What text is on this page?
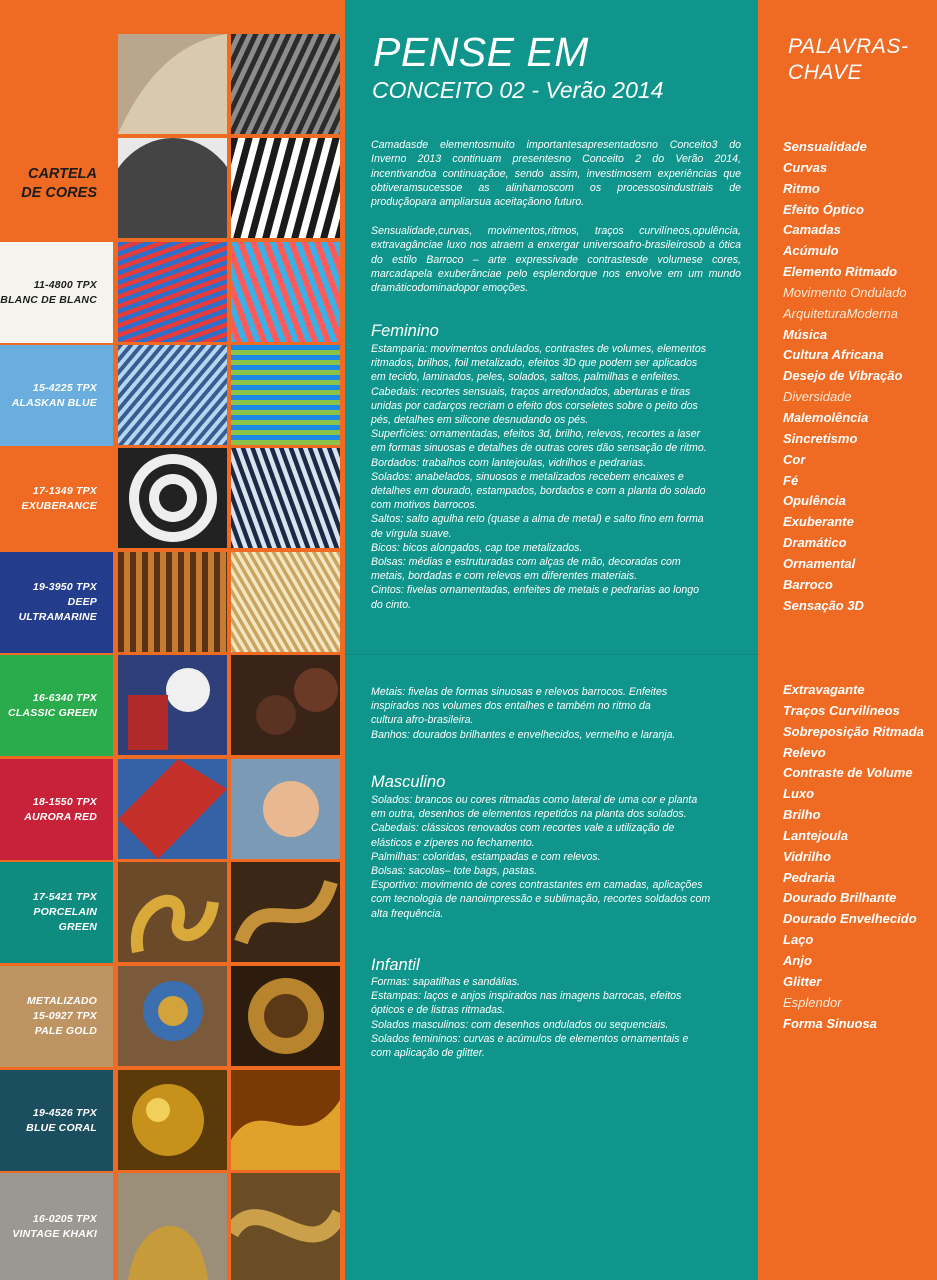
CARTELA
DE CORES
11-4800 TPX
BLANC DE BLANC
15-4225 TPX
ALASKAN BLUE
17-1349 TPX
EXUBERANCE
19-3950 TPX
DEEP ULTRAMARINE
16-6340 TPX
CLASSIC GREEN
18-1550 TPX
AURORA RED
17-5421 TPX
PORCELAIN GREEN
METALIZADO
15-0927 TPX
PALE GOLD
19-4526 TPX
BLUE CORAL
16-0205 TPX
VINTAGE KHAKI
PENSE EM
CONCEITO 02 - Verão 2014
Camadasde elementosmuito importantesapresentadosno Conceito3 do Inverno 2013 continuam presentesno Conceito 2 do Verão 2014, incentivandoa continuaçãoe, sendo assim, investimosem experiências que obtiveramsucessoe as alinhamoscom os processosindustriais de produçãopara ampliarsua aceitaçãono futuro.
Sensualidade,curvas, movimentos,ritmos, traços curvilíneos,opulência, extravagânciae luxo nos atraem a enxergar universoafro-brasileirosob a ótica do estilo Barroco – arte expressivade contrastesde volumese cores, marcadapela exuberânciae pelo esplendorque nos envolve em um mundo dramáticodominadopor emoções.
Feminino
Estamparia: movimentos ondulados, contrastes de volumes, elementos
ritmados, brilhos, foil metalizado, efeitos 3D que podem ser aplicados
em tecido, laminados, peles, solados, saltos, palmilhas e enfeites.
Cabedais: recortes sensuais, traços arredondados, aberturas e tiras
unidas por cadarços recriam o efeito dos corseletes sobre o peito dos
pés, detalhes em silicone desnudando os pés.
Superfícies: ornamentadas, efeitos 3d, brilho, relevos, recortes a laser
em formas sinuosas e detalhes de outras cores dão sensação de ritmo.
Bordados: trabalhos com lantejoulas, vidrilhos e pedrarias.
Solados: anabelados, sinuosos e metalizados recebem encaixes e
detalhes em dourado, estampados, bordados e com a planta do solado
com motivos barrocos.
Saltos: salto agulha reto (quase a alma de metal) e salto fino em forma
de vírgula suave.
Bicos: bicos alongados, cap toe metalizados.
Bolsas: médias e estruturadas com alças de mão, decoradas com
metais, bordadas e com relevos em diferentes materiais.
Cintos: fivelas ornamentadas, enfeites de metais e pedrarias ao longo
do cinto.
Metais: fivelas de formas sinuosas e relevos barrocos. Enfeites
inspirados nos volumes dos entalhes e também no ritmo da
cultura afro-brasileira.
Banhos: dourados brilhantes e envelhecidos, vermelho e laranja.
Masculino
Solados: brancos ou cores ritmadas como lateral de uma cor e planta
em outra, desenhos de elementos repetidos na planta dos solados.
Cabedais: clássicos renovados com recortes vale a utilização de
elásticos e zíperes no fechamento.
Palmilhas: coloridas, estampadas e com relevos.
Bolsas: sacolas– tote bags, pastas.
Esportivo: movimento de cores contrastantes em camadas, aplicações
com tecnologia de nanoimpressão e sublimação, recortes soldados com
alta frequência.
Infantil
Formas: sapatilhas e sandálias.
Estampas: laços e anjos inspirados nas imagens barrocas, efeitos
ópticos e de listras ritmadas.
Solados masculinos: com desenhos ondulados ou sequenciais.
Solados femininos: curvas e acúmulos de elementos ornamentais e
com aplicação de glitter.
PALAVRAS-
CHAVE
Sensualidade
Curvas
Ritmo
Efeito Óptico
Camadas
Acúmulo
Elemento Ritmado
Movimento Ondulado
ArquiteturaModerna
Música
Cultura Africana
Desejo de Vibração
Diversidade
Malemolência
Sincretismo
Cor
Fé
Opulência
Exuberante
Dramático
Ornamental
Barroco
Sensação 3D
Extravagante
Traços Curvilíneos
Sobreposição Ritmada
Relevo
Contraste de Volume
Luxo
Brilho
Lantejoula
Vidrilho
Pedraria
Dourado Brilhante
Dourado Envelhecido
Laço
Anjo
Glitter
Esplendor
Forma Sinuosa
